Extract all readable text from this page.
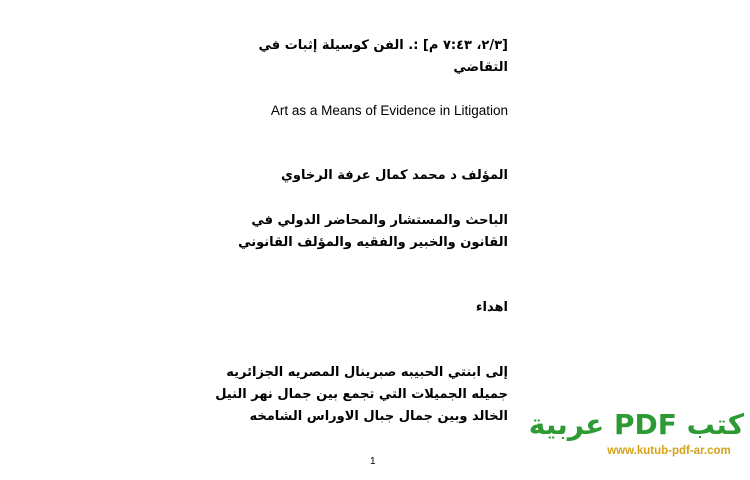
[٢/٣، ٧:٤٣ م] :. الفن كوسيلة إثبات في
التقاضي
Art as a Means of Evidence in Litigation
المؤلف د محمد كمال عرفة الرخاوي
الباحث والمستشار والمحاضر الدولي في
القانون والخبير والفقيه والمؤلف القانوني
اهداء
إلى ابنتي الحبيبه صبرينال المصريه الجزائريه
جميله الجميلات التي تجمع بين جمال نهر النيل
الخالد وبين جمال جبال الاوراس الشامخه
1
كتب PDF عربية
www.kutub-pdf-ar.com
